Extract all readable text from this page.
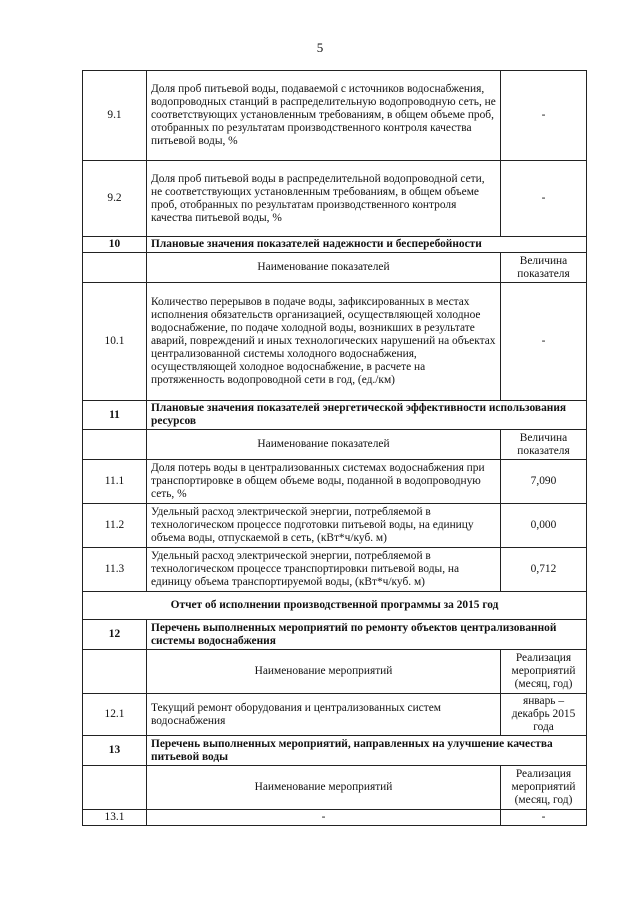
5
9.1	Доля проб питьевой воды, подаваемой с источников водоснабжения, водопроводных станций в распределительную водопроводную сеть, не соответствующих установленным требованиям, в общем объеме проб, отобранных по результатам производственного контроля качества питьевой воды, %	-
9.2	Доля проб питьевой воды в распределительной водопроводной сети, не соответствующих установленным требованиям, в общем объеме проб, отобранных по результатам производственного контроля качества питьевой воды, %	-
10	Плановые значения показателей надежности и бесперебойности	
	Наименование показателей	Величина показателя
10.1	Количество перерывов в подаче воды, зафиксированных в местах исполнения обязательств организацией, осуществляющей холодное водоснабжение, по подаче холодной воды, возникших в результате аварий, повреждений и иных технологических нарушений на объектах централизованной системы холодного водоснабжения, осуществляющей холодное водоснабжение, в расчете на протяженность водопроводной сети в год, (ед./км)	-
11	Плановые значения показателей энергетической эффективности использования ресурсов	
	Наименование показателей	Величина показателя
11.1	Доля потерь воды в централизованных системах водоснабжения при транспортировке в общем объеме воды, поданной в водопроводную сеть, %	7,090
11.2	Удельный расход электрической энергии, потребляемой в технологическом процессе подготовки питьевой воды, на единицу объема воды, отпускаемой в сеть, (кВт*ч/куб. м)	0,000
11.3	Удельный расход электрической энергии, потребляемой в технологическом процессе транспортировки питьевой воды, на единицу объема транспортируемой воды, (кВт*ч/куб. м)	0,712
Отчет об исполнении производственной программы за 2015 год		
12	Перечень выполненных мероприятий по ремонту объектов централизованной системы водоснабжения	
	Наименование мероприятий	Реализация мероприятий (месяц, год)
12.1	Текущий ремонт оборудования и централизованных систем водоснабжения	январь – декабрь 2015 года
13	Перечень выполненных мероприятий, направленных на улучшение качества питьевой воды	
	Наименование мероприятий	Реализация мероприятий (месяц, год)
13.1	-	-
